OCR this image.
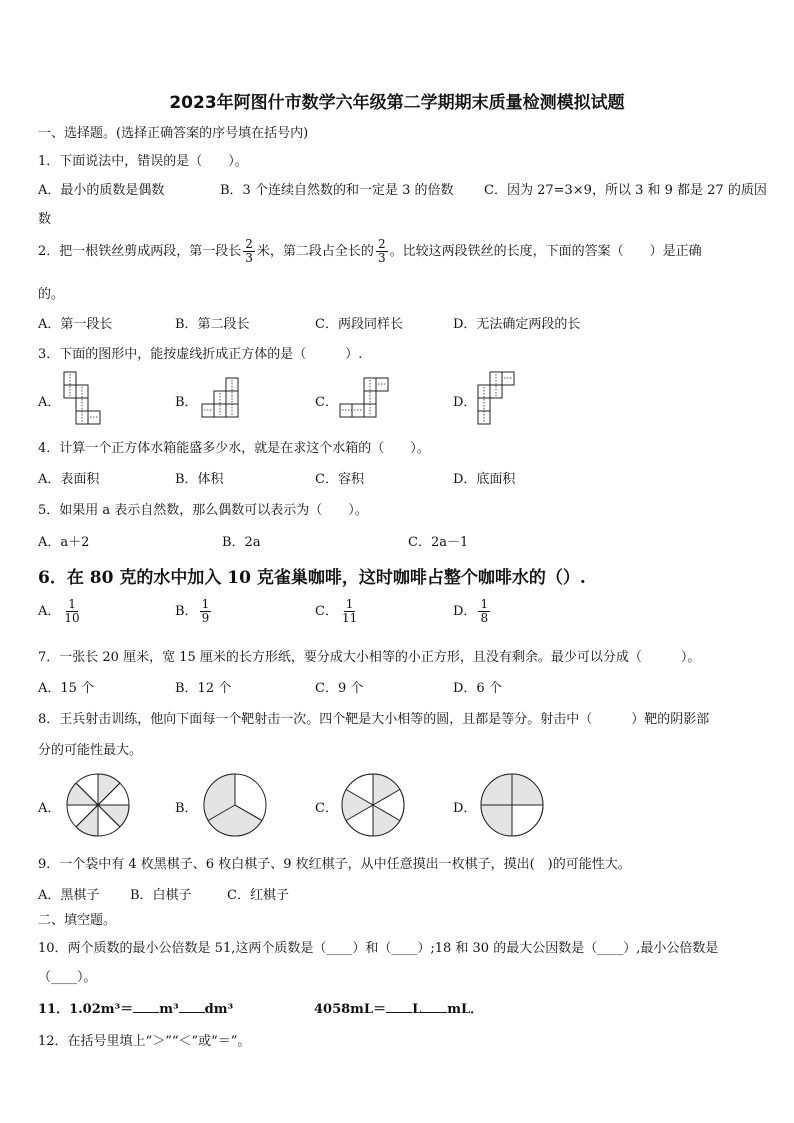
2023年阿图什市数学六年级第二学期期末质量检测模拟试题
一、选择题。(选择正确答案的序号填在括号内)
1．下面说法中，错误的是（　　）。
A．最小的质数是偶数	B．3 个连续自然数的和一定是 3 的倍数 C．因为 27=3×9，所以 3 和 9 都是 27 的质因
数
2．把一根铁丝剪成两段，第一段长 $\frac{2}{3}$ 米，第二段占全长的 $\frac{2}{3}$ 。比较这两段铁丝的长度，下面的答案（　　）是正确
的。
A．第一段长	B．第二段长	C．两段同样长	D．无法确定两段的长
3．下面的图形中，能按虚线折成正方体的是（　　　）.
A．	B．	C．	D．
4．计算一个正方体水箱能盛多少水，就是在求这个水箱的（　　）。
A．表面积	B．体积	C．容积	D．底面积
5．如果用 a 表示自然数，那么偶数可以表示为（　　）。
A．a＋2	B．2a	C．2a－1
6．在 80 克的水中加入 10 克雀巢咖啡，这时咖啡占整个咖啡水的（）.
A． $\frac{1}{10}$	B． $\frac{1}{9}$	C． $\frac{1}{11}$	D． $\frac{1}{8}$
7．一张长 20 厘米，宽 15 厘米的长方形纸，要分成大小相等的小正方形，且没有剩余。最少可以分成（　　　）。
A．15 个	B．12 个	C．9 个	D．6 个
8．王兵射击训练，他向下面每一个靶射击一次。四个靶是大小相等的圆，且都是等分。射击中（　　　）靶的阴影部
分的可能性最大。
A．	B．	C．	D．
9．一个袋中有 4 枚黑棋子、6 枚白棋子、9 枚红棋子，从中任意摸出一枚棋子，摸出(　)的可能性大。
A．黑棋子 B．白棋子	C．红棋子
二、填空题。
10．两个质数的最小公倍数是 51,这两个质数是（____）和（____）;18 和 30 的最大公因数是（____）,最小公倍数是
（____）。
11．1.02m³＝ m³ dm³	4058mL＝ L mL．
12．在括号里填上“＞”“＜”或“＝”。
